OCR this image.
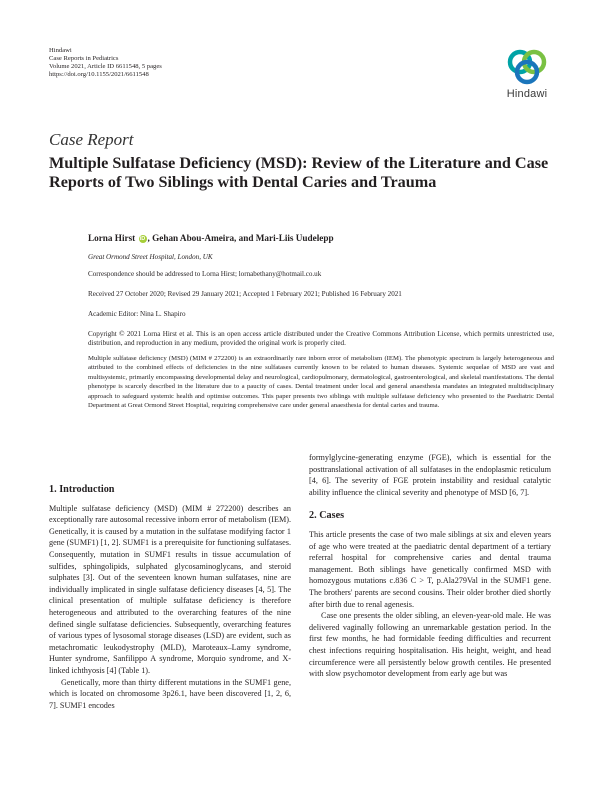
Hindawi
Case Reports in Pediatrics
Volume 2021, Article ID 6611548, 5 pages
https://doi.org/10.1155/2021/6611548
Hindawi
Case Report
Multiple Sulfatase Deficiency (MSD): Review of the Literature and Case Reports of Two Siblings with Dental Caries and Trauma
Lorna Hirst iD , Gehan Abou-Ameira, and Mari-Liis Uudelepp
Great Ormond Street Hospital, London, UK
Correspondence should be addressed to Lorna Hirst; lornabethany@hotmail.co.uk
Received 27 October 2020; Revised 29 January 2021; Accepted 1 February 2021; Published 16 February 2021
Academic Editor: Nina L. Shapiro
Copyright © 2021 Lorna Hirst et al. This is an open access article distributed under the Creative Commons Attribution License, which permits unrestricted use, distribution, and reproduction in any medium, provided the original work is properly cited.
Multiple sulfatase deficiency (MSD) (MIM # 272200) is an extraordinarily rare inborn error of metabolism (IEM). The phenotypic spectrum is largely heterogeneous and attributed to the combined effects of deficiencies in the nine sulfatases currently known to be related to human diseases. Systemic sequelae of MSD are vast and multisystemic, primarily encompassing developmental delay and neurological, cardiopulmonary, dermatological, gastroenterological, and skeletal manifestations. The dental phenotype is scarcely described in the literature due to a paucity of cases. Dental treatment under local and general anaesthesia mandates an integrated multidisciplinary approach to safeguard systemic health and optimise outcomes. This paper presents two siblings with multiple sulfatase deficiency who presented to the Paediatric Dental Department at Great Ormond Street Hospital, requiring comprehensive care under general anaesthesia for dental caries and trauma.
1. Introduction

Multiple sulfatase deficiency (MSD) (MIM # 272200) describes an exceptionally rare autosomal recessive inborn error of metabolism (IEM). Genetically, it is caused by a mutation in the sulfatase modifying factor 1 gene (SUMF1) [1, 2]. SUMF1 is a prerequisite for functioning sulfatases. Consequently, mutation in SUMF1 results in tissue accumulation of sulfides, sphingolipids, sulphated glycosaminoglycans, and steroid sulphates [3]. Out of the seventeen known human sulfatases, nine are individually implicated in single sulfatase deficiency diseases [4, 5]. The clinical presentation of multiple sulfatase deficiency is therefore heterogeneous and attributed to the overarching features of the nine defined single sulfatase deficiencies. Subsequently, overarching features of various types of lysosomal storage diseases (LSD) are evident, such as metachromatic leukodystrophy (MLD), Maroteaux–Lamy syndrome, Hunter syndrome, Sanfilippo A syndrome, Morquio syndrome, and X-linked ichthyosis [4] (Table 1).

Genetically, more than thirty different mutations in the SUMF1 gene, which is located on chromosome 3p26.1, have been discovered [1, 2, 6, 7]. SUMF1 encodes

formylglycine-generating enzyme (FGE), which is essential for the posttranslational activation of all sulfatases in the endoplasmic reticulum [4, 6]. The severity of FGE protein instability and residual catalytic ability influence the clinical severity and phenotype of MSD [6, 7].

2. Cases

This article presents the case of two male siblings at six and eleven years of age who were treated at the paediatric dental department of a tertiary referral hospital for comprehensive caries and dental trauma management. Both siblings have genetically confirmed MSD with homozygous mutations c.836 C > T, p.Ala279Val in the SUMF1 gene. The brothers' parents are second cousins. Their older brother died shortly after birth due to renal agenesis.

Case one presents the older sibling, an eleven-year-old male. He was delivered vaginally following an unremarkable gestation period. In the first few months, he had formidable feeding difficulties and recurrent chest infections requiring hospitalisation. His height, weight, and head circumference were all persistently below growth centiles. He presented with slow psychomotor development from early age but was
